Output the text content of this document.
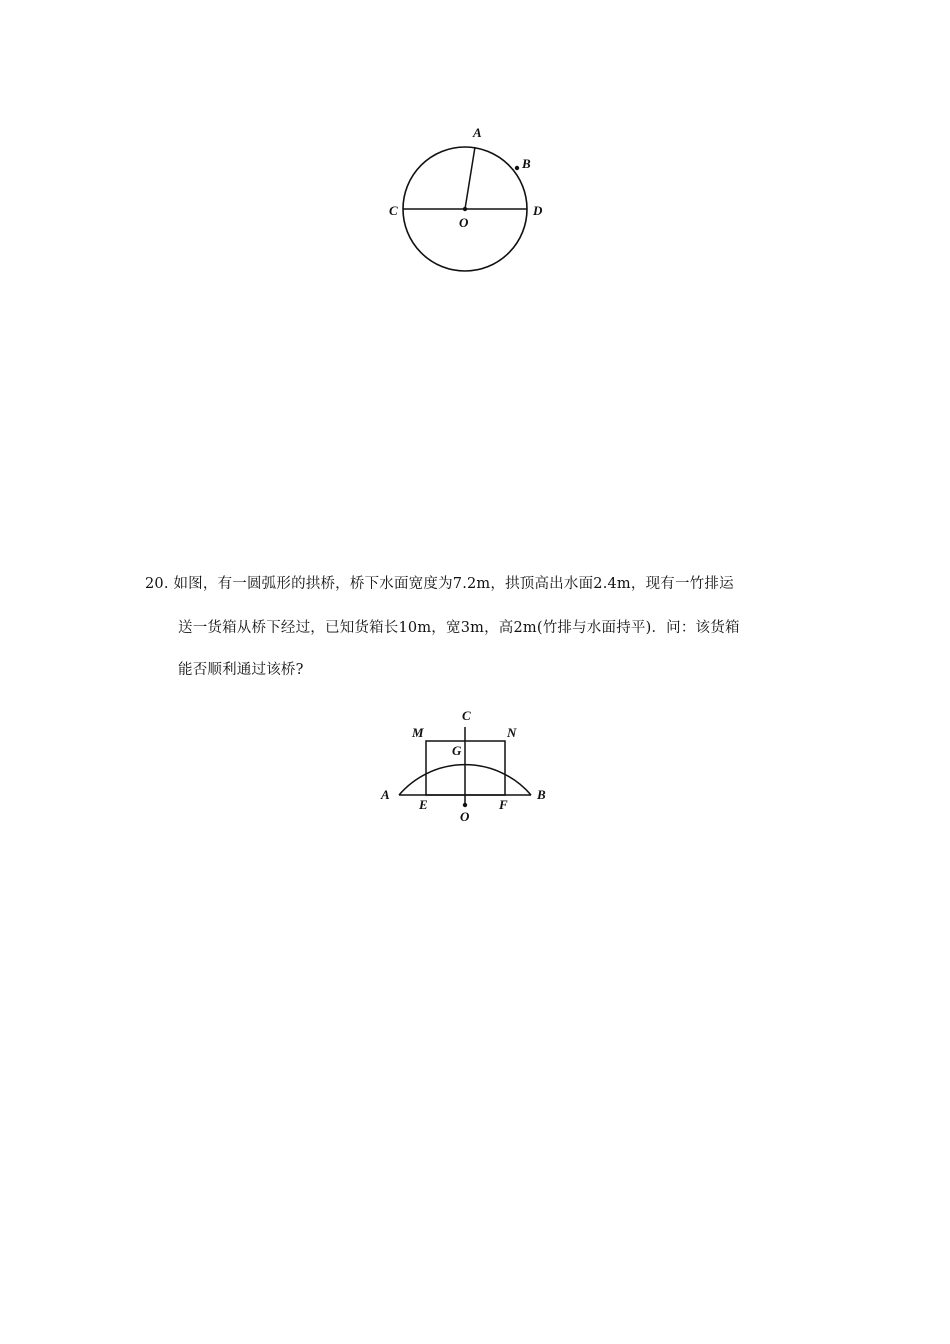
A
B
C	D
O
20. 如图，有一圆弧形的拱桥，桥下水面宽度为7.2m，拱顶高出水面2.4m，现有一竹排运
送一货箱从桥下经过，已知货箱长10m，宽3m，高2m(竹排与水面持平)．问：该货箱
能否顺利通过该桥?
C
M	N
G
A	B
E	F
O
